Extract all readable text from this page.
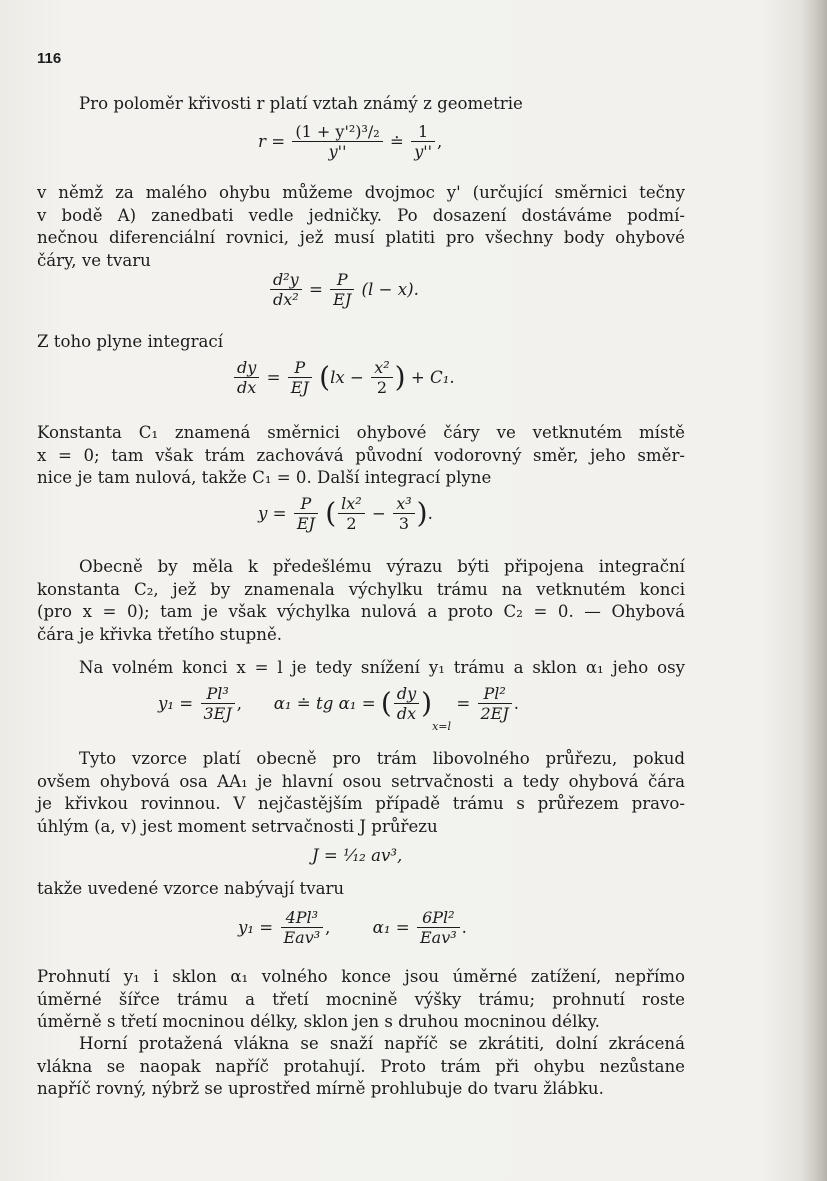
116

Pro poloměr křivosti r platí vztah známý z geometrie

$r = \frac{\text{(1 + y'²)³/₂}}{y''}$ ≐ $\frac{1}{y''}$ ,

v němž za malého ohybu můžeme dvojmoc y' (určující směrnici tečny
v bodě A) zanedbati vedle jedničky. Po dosazení dostáváme podmí-
nečnou diferenciální rovnici, jež musí platiti pro všechny body ohybové
čáry, ve tvaru

$\frac{\text{d²y}}{\text{dx²}} = \frac{P}{EJ} (l - x)$.

Z toho plyne integrací

$\frac{dy}{dx} = \frac{P}{EJ} (lx - \frac{\text{x²}}{2}$ ) + C₁.

Konstanta C₁ znamená směrnici ohybové čáry ve vetknutém místě
x = 0; tam však trám zachovává původní vodorovný směr, jeho směr-
nice je tam nulová, takže C₁ = 0. Další integrací plyne

$y = \frac{P}{EJ}$ ( $\frac{\text{lx²}}{2} - \frac{\text{x³}}{3}$ ).

Obecně by měla k předešlému výrazu býti připojena integrační
konstanta C₂, jež by znamenala výchylku trámu na vetknutém konci
(pro x = 0); tam je však výchylka nulová a proto C₂ = 0. — Ohybová
čára je křivka třetího stupně.

Na volném konci x = l je tedy snížení y₁ trámu a sklon α₁ jeho osy

$y_1 = \frac{\text{Pl³}}{3EJ}$ , α₁ ≐ tg α₁ = ( $\frac{dy}{dx} )x=l = \frac{\text{Pl²}}{2EJ}$ .

Tyto vzorce platí obecně pro trám libovolného průřezu, pokud
ovšem ohybová osa AA₁ je hlavní osou setrvačnosti a tedy ohybová čára
je křivkou rovinnou. V nejčastějším případě trámu s průřezem pravo-
úhlým (a, v) jest moment setrvačnosti J průřezu

J = ¹⁄₁₂ av³,

takže uvedené vzorce nabývají tvaru

$y_1 = \frac{\text{4Pl³}}{\text{Eav³}}$ ,	$\alpha_1 = \frac{\text{6Pl²}}{\text{Eav³}}$ .

Prohnutí y₁ i sklon α₁ volného konce jsou úměrné zatížení, nepřímo
úměrné šířce trámu a třetí mocnině výšky trámu; prohnutí roste
úměrně s třetí mocninou délky, sklon jen s druhou mocninou délky.

Horní protažená vlákna se snaží napříč se zkrátiti, dolní zkrácená
vlákna se naopak napříč protahují. Proto trám při ohybu nezůstane
napříč rovný, nýbrž se uprostřed mírně prohlubuje do tvaru žlábku.
